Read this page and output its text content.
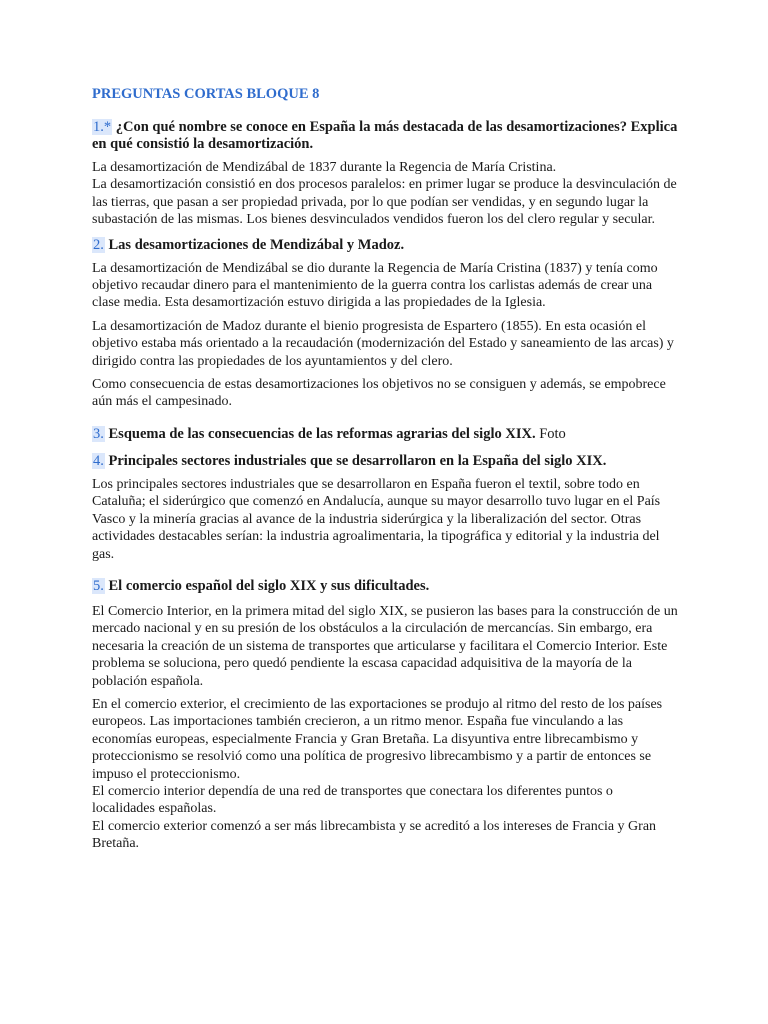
PREGUNTAS CORTAS BLOQUE 8
1.* ¿Con qué nombre se conoce en España la más destacada de las desamortizaciones? Explica en qué consistió la desamortización.
La desamortización de Mendizábal de 1837 durante la Regencia de María Cristina.
La desamortización consistió en dos procesos paralelos: en primer lugar se produce la desvinculación de las tierras, que pasan a ser propiedad privada, por lo que podían ser vendidas, y en segundo lugar la subastación de las mismas. Los bienes desvinculados vendidos fueron los del clero regular y secular.
2. Las desamortizaciones de Mendizábal y Madoz.
La desamortización de Mendizábal se dio durante la Regencia de María Cristina (1837) y tenía como objetivo recaudar dinero para el mantenimiento de la guerra contra los carlistas además de crear una clase media. Esta desamortización estuvo dirigida a las propiedades de la Iglesia.
La desamortización de Madoz durante el bienio progresista de Espartero (1855). En esta ocasión el objetivo estaba más orientado a la recaudación (modernización del Estado y saneamiento de las arcas) y dirigido contra las propiedades de los ayuntamientos y del clero.
Como consecuencia de estas desamortizaciones los objetivos no se consiguen y además, se empobrece aún más el campesinado.
3. Esquema de las consecuencias de las reformas agrarias del siglo XIX. Foto
4. Principales sectores industriales que se desarrollaron en la España del siglo XIX.
Los principales sectores industriales que se desarrollaron en España fueron el textil, sobre todo en Cataluña; el siderúrgico que comenzó en Andalucía, aunque su mayor desarrollo tuvo lugar en el País Vasco y la minería gracias al avance de la industria siderúrgica y la liberalización del sector. Otras actividades destacables serían: la industria agroalimentaria, la tipográfica y editorial y la industria del gas.
5. El comercio español del siglo XIX y sus dificultades.
El Comercio Interior, en la primera mitad del siglo XIX, se pusieron las bases para la construcción de un mercado nacional y en su presión de los obstáculos a la circulación de mercancías. Sin embargo, era necesaria la creación de un sistema de transportes que articularse y facilitara el Comercio Interior. Este problema se soluciona, pero quedó pendiente la escasa capacidad adquisitiva de la mayoría de la población española.
En el comercio exterior, el crecimiento de las exportaciones se produjo al ritmo del resto de los países europeos. Las importaciones también crecieron, a un ritmo menor. España fue vinculando a las economías europeas, especialmente Francia y Gran Bretaña. La disyuntiva entre librecambismo y proteccionismo se resolvió como una política de progresivo librecambismo y a partir de entonces se impuso el proteccionismo.
El comercio interior dependía de una red de transportes que conectara los diferentes puntos o localidades españolas.
El comercio exterior comenzó a ser más librecambista y se acreditó a los intereses de Francia y Gran Bretaña.
